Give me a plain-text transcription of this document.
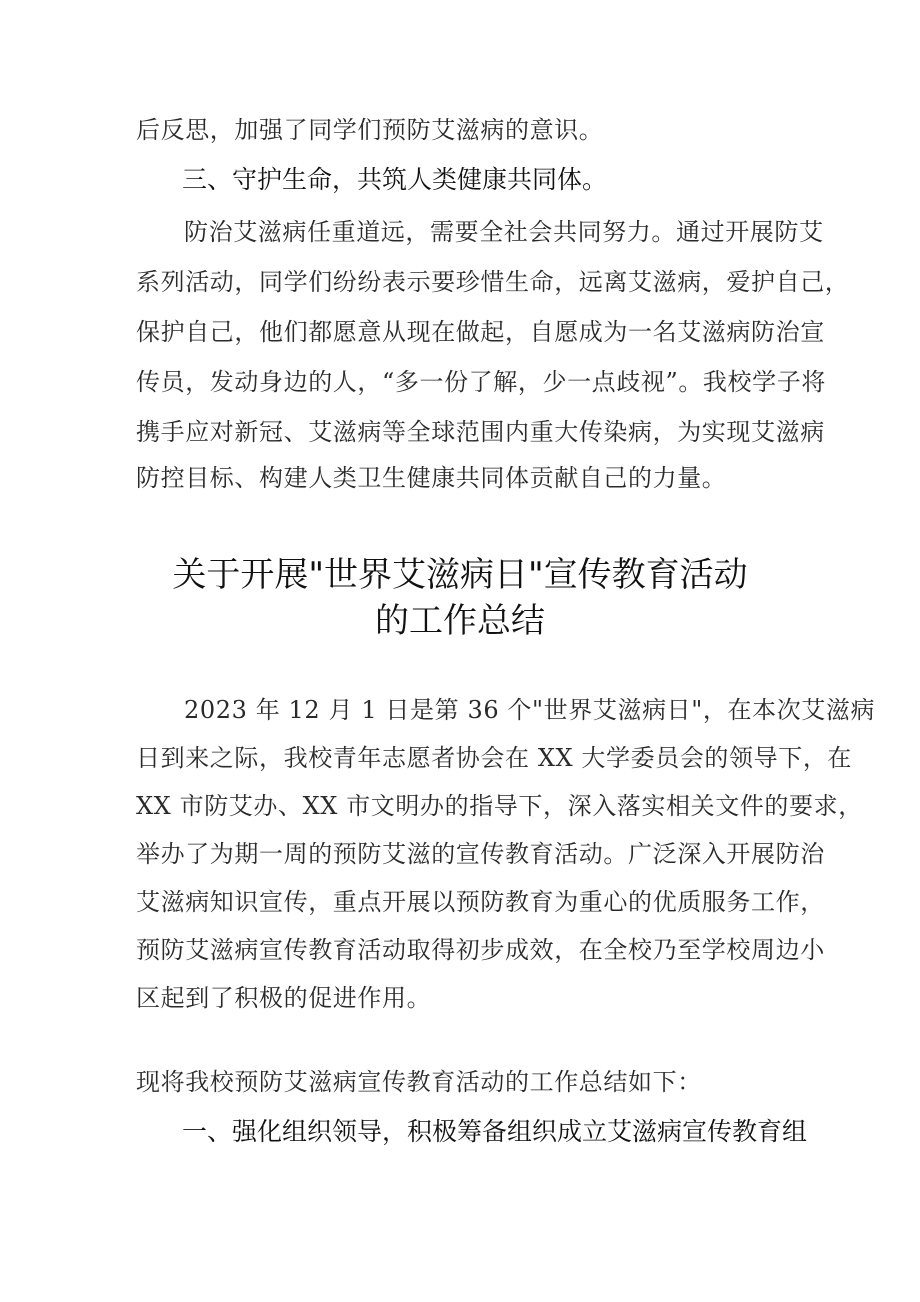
后反思，加强了同学们预防艾滋病的意识。
三、守护生命，共筑人类健康共同体。
防治艾滋病任重道远，需要全社会共同努力。通过开展防艾
系列活动，同学们纷纷表示要珍惜生命，远离艾滋病，爱护自己，
保护自己，他们都愿意从现在做起，自愿成为一名艾滋病防治宣
传员，发动身边的人，“多一份了解，少一点歧视”。我校学子将
携手应对新冠、艾滋病等全球范围内重大传染病，为实现艾滋病
防控目标、构建人类卫生健康共同体贡献自己的力量。
关于开展"世界艾滋病日"宣传教育活动
的工作总结
2023 年 12 月 1 日是第 36 个"世界艾滋病日"，在本次艾滋病
日到来之际，我校青年志愿者协会在 XX 大学委员会的领导下，在
XX 市防艾办、XX 市文明办的指导下，深入落实相关文件的要求，
举办了为期一周的预防艾滋的宣传教育活动。广泛深入开展防治
艾滋病知识宣传，重点开展以预防教育为重心的优质服务工作，
预防艾滋病宣传教育活动取得初步成效，在全校乃至学校周边小
区起到了积极的促进作用。
现将我校预防艾滋病宣传教育活动的工作总结如下：
一、强化组织领导，积极筹备组织成立艾滋病宣传教育组
